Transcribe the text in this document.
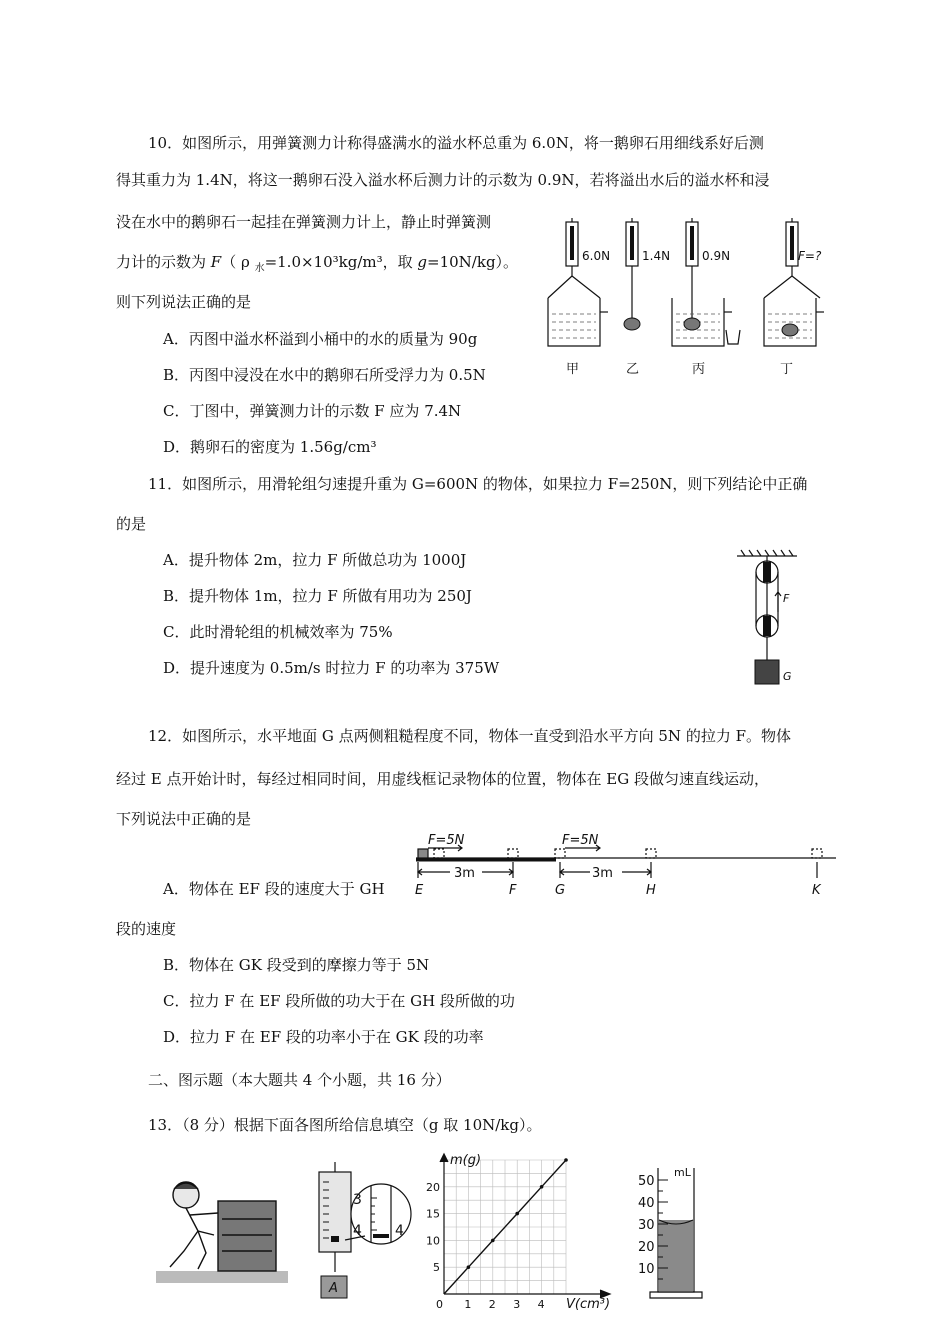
10．如图所示，用弹簧测力计称得盛满水的溢水杯总重为 6.0N，将一鹅卵石用细线系好后测
得其重力为 1.4N，将这一鹅卵石没入溢水杯后测力计的示数为 0.9N，若将溢出水后的溢水杯和浸
没在水中的鹅卵石一起挂在弹簧测力计上，静止时弹簧测
力计的示数为 F（ ρ $_水$=1.0×10³kg/m³，取 g=10N/kg）。
则下列说法正确的是
A．丙图中溢水杯溢到小桶中的水的质量为 90g
B．丙图中浸没在水中的鹅卵石所受浮力为 0.5N
C．丁图中，弹簧测力计的示数 F 应为 7.4N
D．鹅卵石的密度为 1.56g/cm³
6.0N	1.4N	0.9N	F=?
甲	乙	丙	丁
11．如图所示，用滑轮组匀速提升重为 G=600N 的物体，如果拉力 F=250N，则下列结论中正确
的是
A．提升物体 2m，拉力 F 所做总功为 1000J
B．提升物体 1m，拉力 F 所做有用功为 250J
C．此时滑轮组的机械效率为 75%
D．提升速度为 0.5m/s 时拉力 F 的功率为 375W
F
G
12．如图所示，水平地面 G 点两侧粗糙程度不同，物体一直受到沿水平方向 5N 的拉力 F。物体
经过 E 点开始计时，每经过相同时间，用虚线框记录物体的位置，物体在 EG 段做匀速直线运动，
下列说法中正确的是
A．物体在 EF 段的速度大于 GH
段的速度
B．物体在 GK 段受到的摩擦力等于 5N
C．拉力 F 在 EF 段所做的功大于在 GH 段所做的功
D．拉力 F 在 EF 段的功率小于在 GK 段的功率
F=5N	F=5N
3m	3m
E	F	G	H	K
二、图示题（本大题共 4 个小题，共 16 分）
13．（8 分）根据下面各图所给信息填空（g 取 10N/kg）。
3
4 4
A
0 1 2 3 4
5
10
15
20
m(g)
V(cm³)
mL
50
40
30
20
10
